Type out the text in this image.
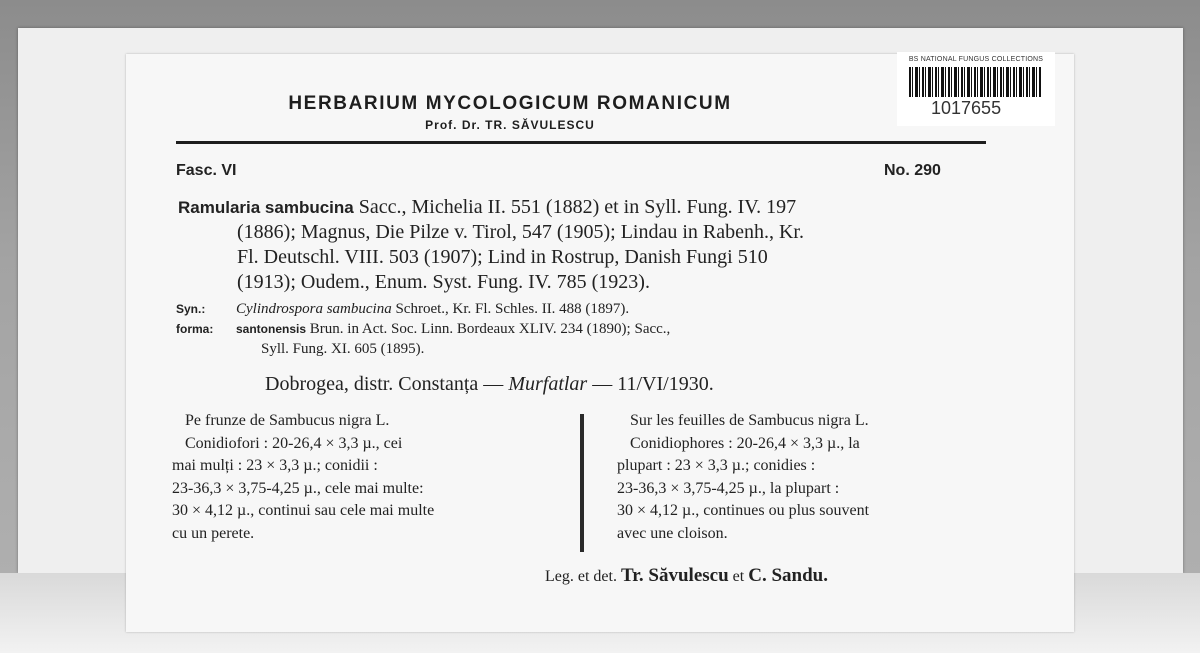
BS NATIONAL FUNGUS COLLECTIONS
1017655
HERBARIUM MYCOLOGICUM ROMANICUM
Prof. Dr. TR. SĂVULESCU
Fasc. VI	No. 290
Ramularia sambucina Sacc., Michelia II. 551 (1882) et in Syll. Fung. IV. 197
(1886); Magnus, Die Pilze v. Tirol, 547 (1905); Lindau in Rabenh., Kr.
Fl. Deutschl. VIII. 503 (1907); Lind in Rostrup, Danish Fungi 510
(1913); Oudem., Enum. Syst. Fung. IV. 785 (1923).
Syn.: Cylindrospora sambucina Schroet., Kr. Fl. Schles. II. 488 (1897).
forma: santonensis Brun. in Act. Soc. Linn. Bordeaux XLIV. 234 (1890); Sacc.,
Syll. Fung. XI. 605 (1895).
Dobrogea, distr. Constanța — Murfatlar — 11/VI/1930.
Pe frunze de Sambucus nigra L.
Conidiofori : 20-26,4 × 3,3 µ., cei
mai mulți : 23 × 3,3 µ.; conidii :
23-36,3 × 3,75-4,25 µ., cele mai multe:
30 × 4,12 µ., continui sau cele mai multe
cu un perete.
Sur les feuilles de Sambucus nigra L.
Conidiophores : 20-26,4 × 3,3 µ., la
plupart : 23 × 3,3 µ.; conidies :
23-36,3 × 3,75-4,25 µ., la plupart :
30 × 4,12 µ., continues ou plus souvent
avec une cloison.
Leg. et det. Tr. Săvulescu et C. Sandu.
